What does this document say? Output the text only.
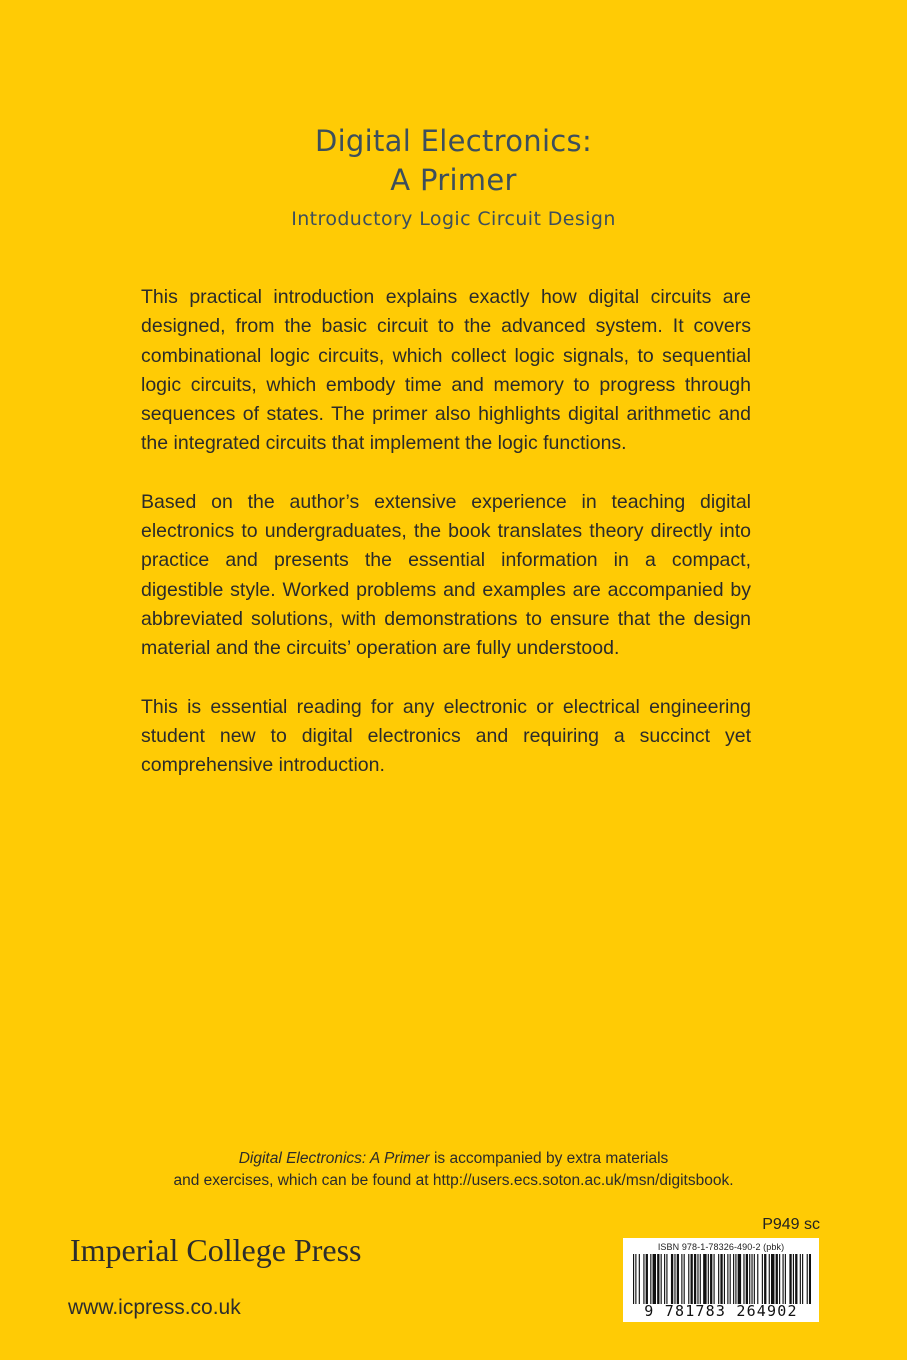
Digital Electronics:
A Primer
Introductory Logic Circuit Design

This practical introduction explains exactly how digital circuits are designed, from the basic circuit to the advanced system. It covers combinational logic circuits, which collect logic signals, to sequential logic circuits, which embody time and memory to progress through sequences of states. The primer also highlights digital arithmetic and the integrated circuits that implement the logic functions.

Based on the author’s extensive experience in teaching digital electronics to undergraduates, the book translates theory directly into practice and presents the essential information in a compact, digestible style. Worked problems and examples are accompanied by abbreviated solutions, with demonstrations to ensure that the design material and the circuits’ operation are fully understood.

This is essential reading for any electronic or electrical engineering student new to digital electronics and requiring a succinct yet comprehensive introduction.

Digital Electronics: A Primer is accompanied by extra materials
and exercises, which can be found at http://users.ecs.soton.ac.uk/msn/digitsbook.
P949 sc
Imperial College Press
www.icpress.co.uk
ISBN 978-1-78326-490-2 (pbk)
9 781783 264902
